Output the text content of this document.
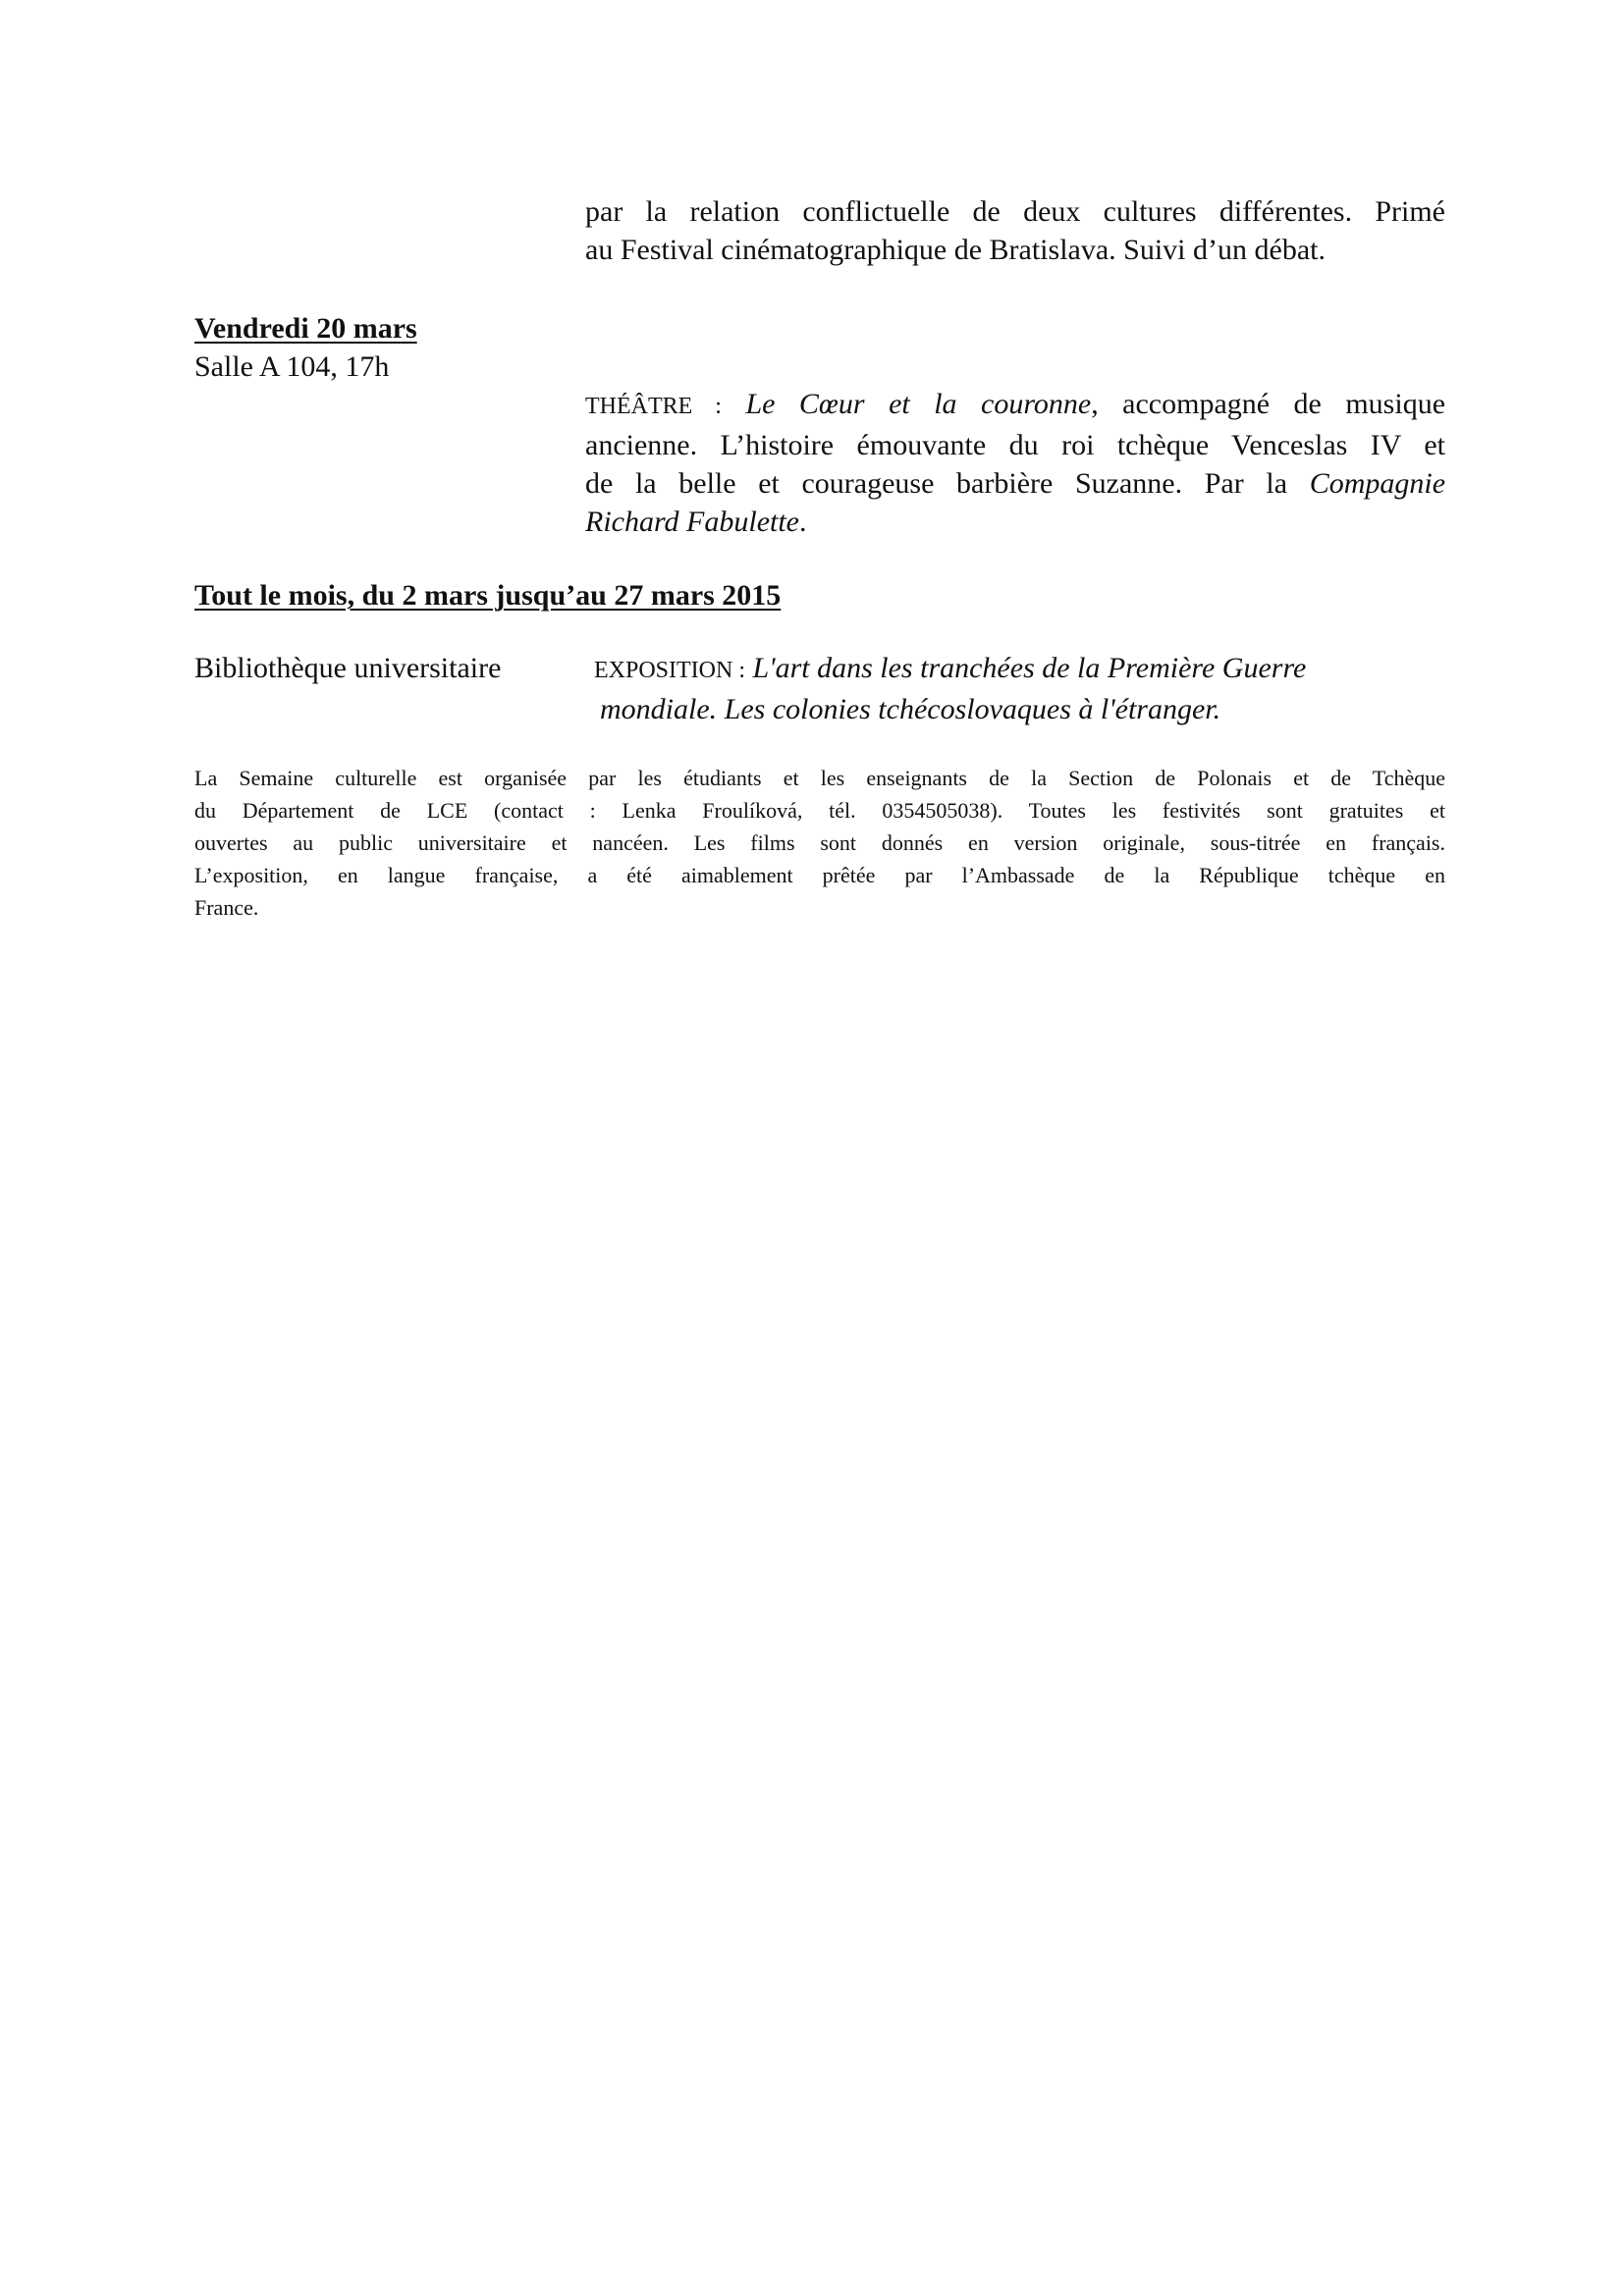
par la relation conflictuelle de deux cultures différentes. Primé
au Festival cinématographique de Bratislava. Suivi d’un débat.
Vendredi 20 mars
Salle A 104, 17h
THÉÂTRE : Le Cœur et la couronne, accompagné de musique
ancienne. L’histoire émouvante du roi tchèque Venceslas IV et
de la belle et courageuse barbière Suzanne. Par la Compagnie
Richard Fabulette.
Tout le mois, du 2 mars jusqu’au 27 mars 2015
Bibliothèque universitaire	EXPOSITION : L'art dans les tranchées de la Première Guerre
mondiale. Les colonies tchécoslovaques à l'étranger.
La Semaine culturelle est organisée par les étudiants et les enseignants de la Section de Polonais et de Tchèque
du Département de LCE (contact : Lenka Froulíková, tél. 0354505038). Toutes les festivités sont gratuites et
ouvertes au public universitaire et nancéen. Les films sont donnés en version originale, sous-titrée en français.
L’exposition, en langue française, a été aimablement prêtée par l’Ambassade de la République tchèque en
France.
